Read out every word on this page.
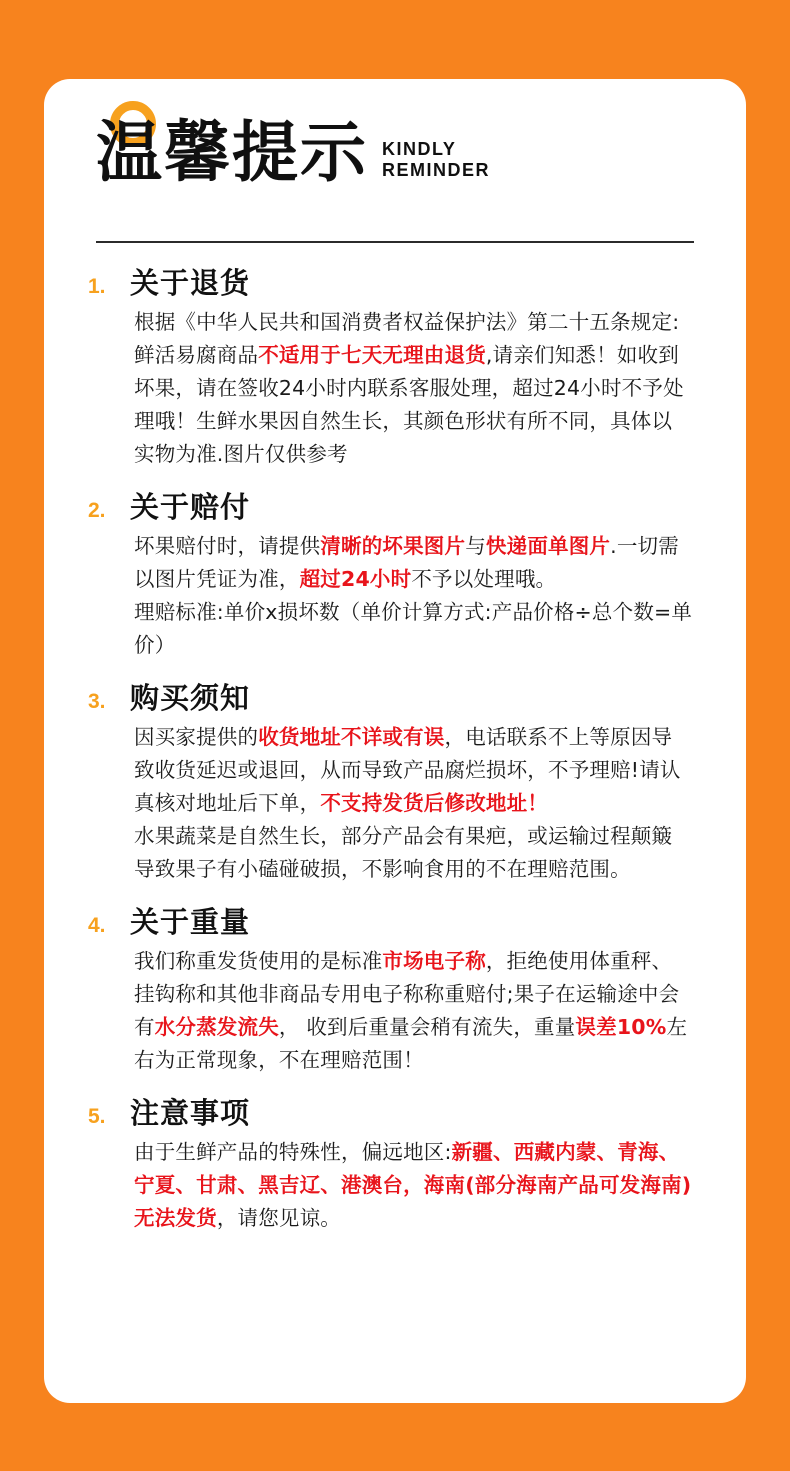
温馨提示 KINDLY
REMINDER
1. 关于退货

根据《中华人民共和国消费者权益保护法》第二十五条规定:

鲜活易腐商品不适用于七天无理由退货,请亲们知悉！如收到

坏果，请在签收24小时内联系客服处理，超过24小时不予处

理哦！生鲜水果因自然生长，其颜色形状有所不同，具体以

实物为准.图片仅供参考

2. 关于赔付

坏果赔付时，请提供清晰的坏果图片与快递面单图片.一切需

以图片凭证为准，超过24小时不予以处理哦。

理赔标准:单价x损坏数（单价计算方式:产品价格÷总个数=单

价）

3. 购买须知

因买家提供的收货地址不详或有误，电话联系不上等原因导

致收货延迟或退回，从而导致产品腐烂损坏，不予理赔!请认

真核对地址后下单，不支持发货后修改地址！

水果蔬菜是自然生长，部分产品会有果疤，或运输过程颠簸

导致果子有小磕碰破损，不影响食用的不在理赔范围。

4. 关于重量

我们称重发货使用的是标准市场电子称，拒绝使用体重秤、

挂钩称和其他非商品专用电子称称重赔付;果子在运输途中会

有水分蒸发流失， 收到后重量会稍有流失，重量误差10%左

右为正常现象，不在理赔范围！

5. 注意事项

由于生鲜产品的特殊性，偏远地区:新疆、西藏内蒙、青海、

宁夏、甘肃、黑吉辽、港澳台，海南(部分海南产品可发海南)

无法发货，请您见谅。
